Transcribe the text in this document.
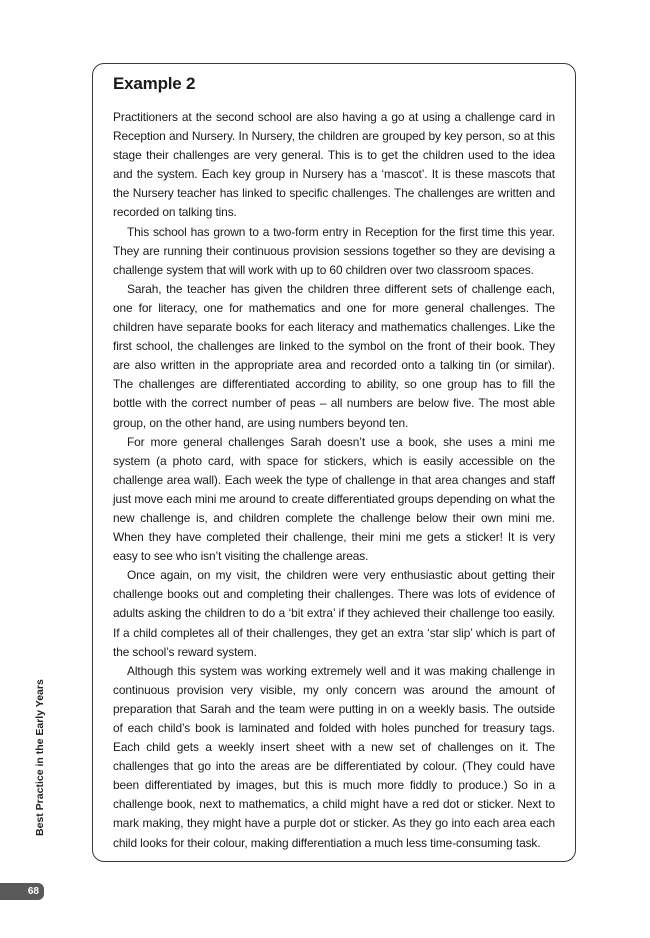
Example 2

Practitioners at the second school are also having a go at using a challenge card in Reception and Nursery. In Nursery, the children are grouped by key person, so at this stage their challenges are very general. This is to get the children used to the idea and the system. Each key group in Nursery has a ‘mascot’. It is these mascots that the Nursery teacher has linked to specific challenges. The challenges are written and recorded on talking tins.

This school has grown to a two-form entry in Reception for the first time this year. They are running their continuous provision sessions together so they are devising a challenge system that will work with up to 60 children over two classroom spaces.

Sarah, the teacher has given the children three different sets of challenge each, one for literacy, one for mathematics and one for more general challenges. The children have separate books for each literacy and mathematics challenges. Like the first school, the challenges are linked to the symbol on the front of their book. They are also written in the appropriate area and recorded onto a talking tin (or similar). The challenges are differentiated according to ability, so one group has to fill the bottle with the correct number of peas – all numbers are below five. The most able group, on the other hand, are using numbers beyond ten.

For more general challenges Sarah doesn’t use a book, she uses a mini me system (a photo card, with space for stickers, which is easily accessible on the challenge area wall). Each week the type of challenge in that area changes and staff just move each mini me around to create differentiated groups depending on what the new challenge is, and children complete the challenge below their own mini me. When they have completed their challenge, their mini me gets a sticker! It is very easy to see who isn’t visiting the challenge areas.

Once again, on my visit, the children were very enthusiastic about getting their challenge books out and completing their challenges. There was lots of evidence of adults asking the children to do a ‘bit extra’ if they achieved their challenge too easily. If a child completes all of their challenges, they get an extra ‘star slip’ which is part of the school’s reward system.

Although this system was working extremely well and it was making challenge in continuous provision very visible, my only concern was around the amount of preparation that Sarah and the team were putting in on a weekly basis. The outside of each child’s book is laminated and folded with holes punched for treasury tags. Each child gets a weekly insert sheet with a new set of challenges on it. The challenges that go into the areas are be differentiated by colour. (They could have been differentiated by images, but this is much more fiddly to produce.) So in a challenge book, next to mathematics, a child might have a red dot or sticker. Next to mark making, they might have a purple dot or sticker. As they go into each area each child looks for their colour, making differentiation a much less time-consuming task.

Best Practice in the Early Years
68
